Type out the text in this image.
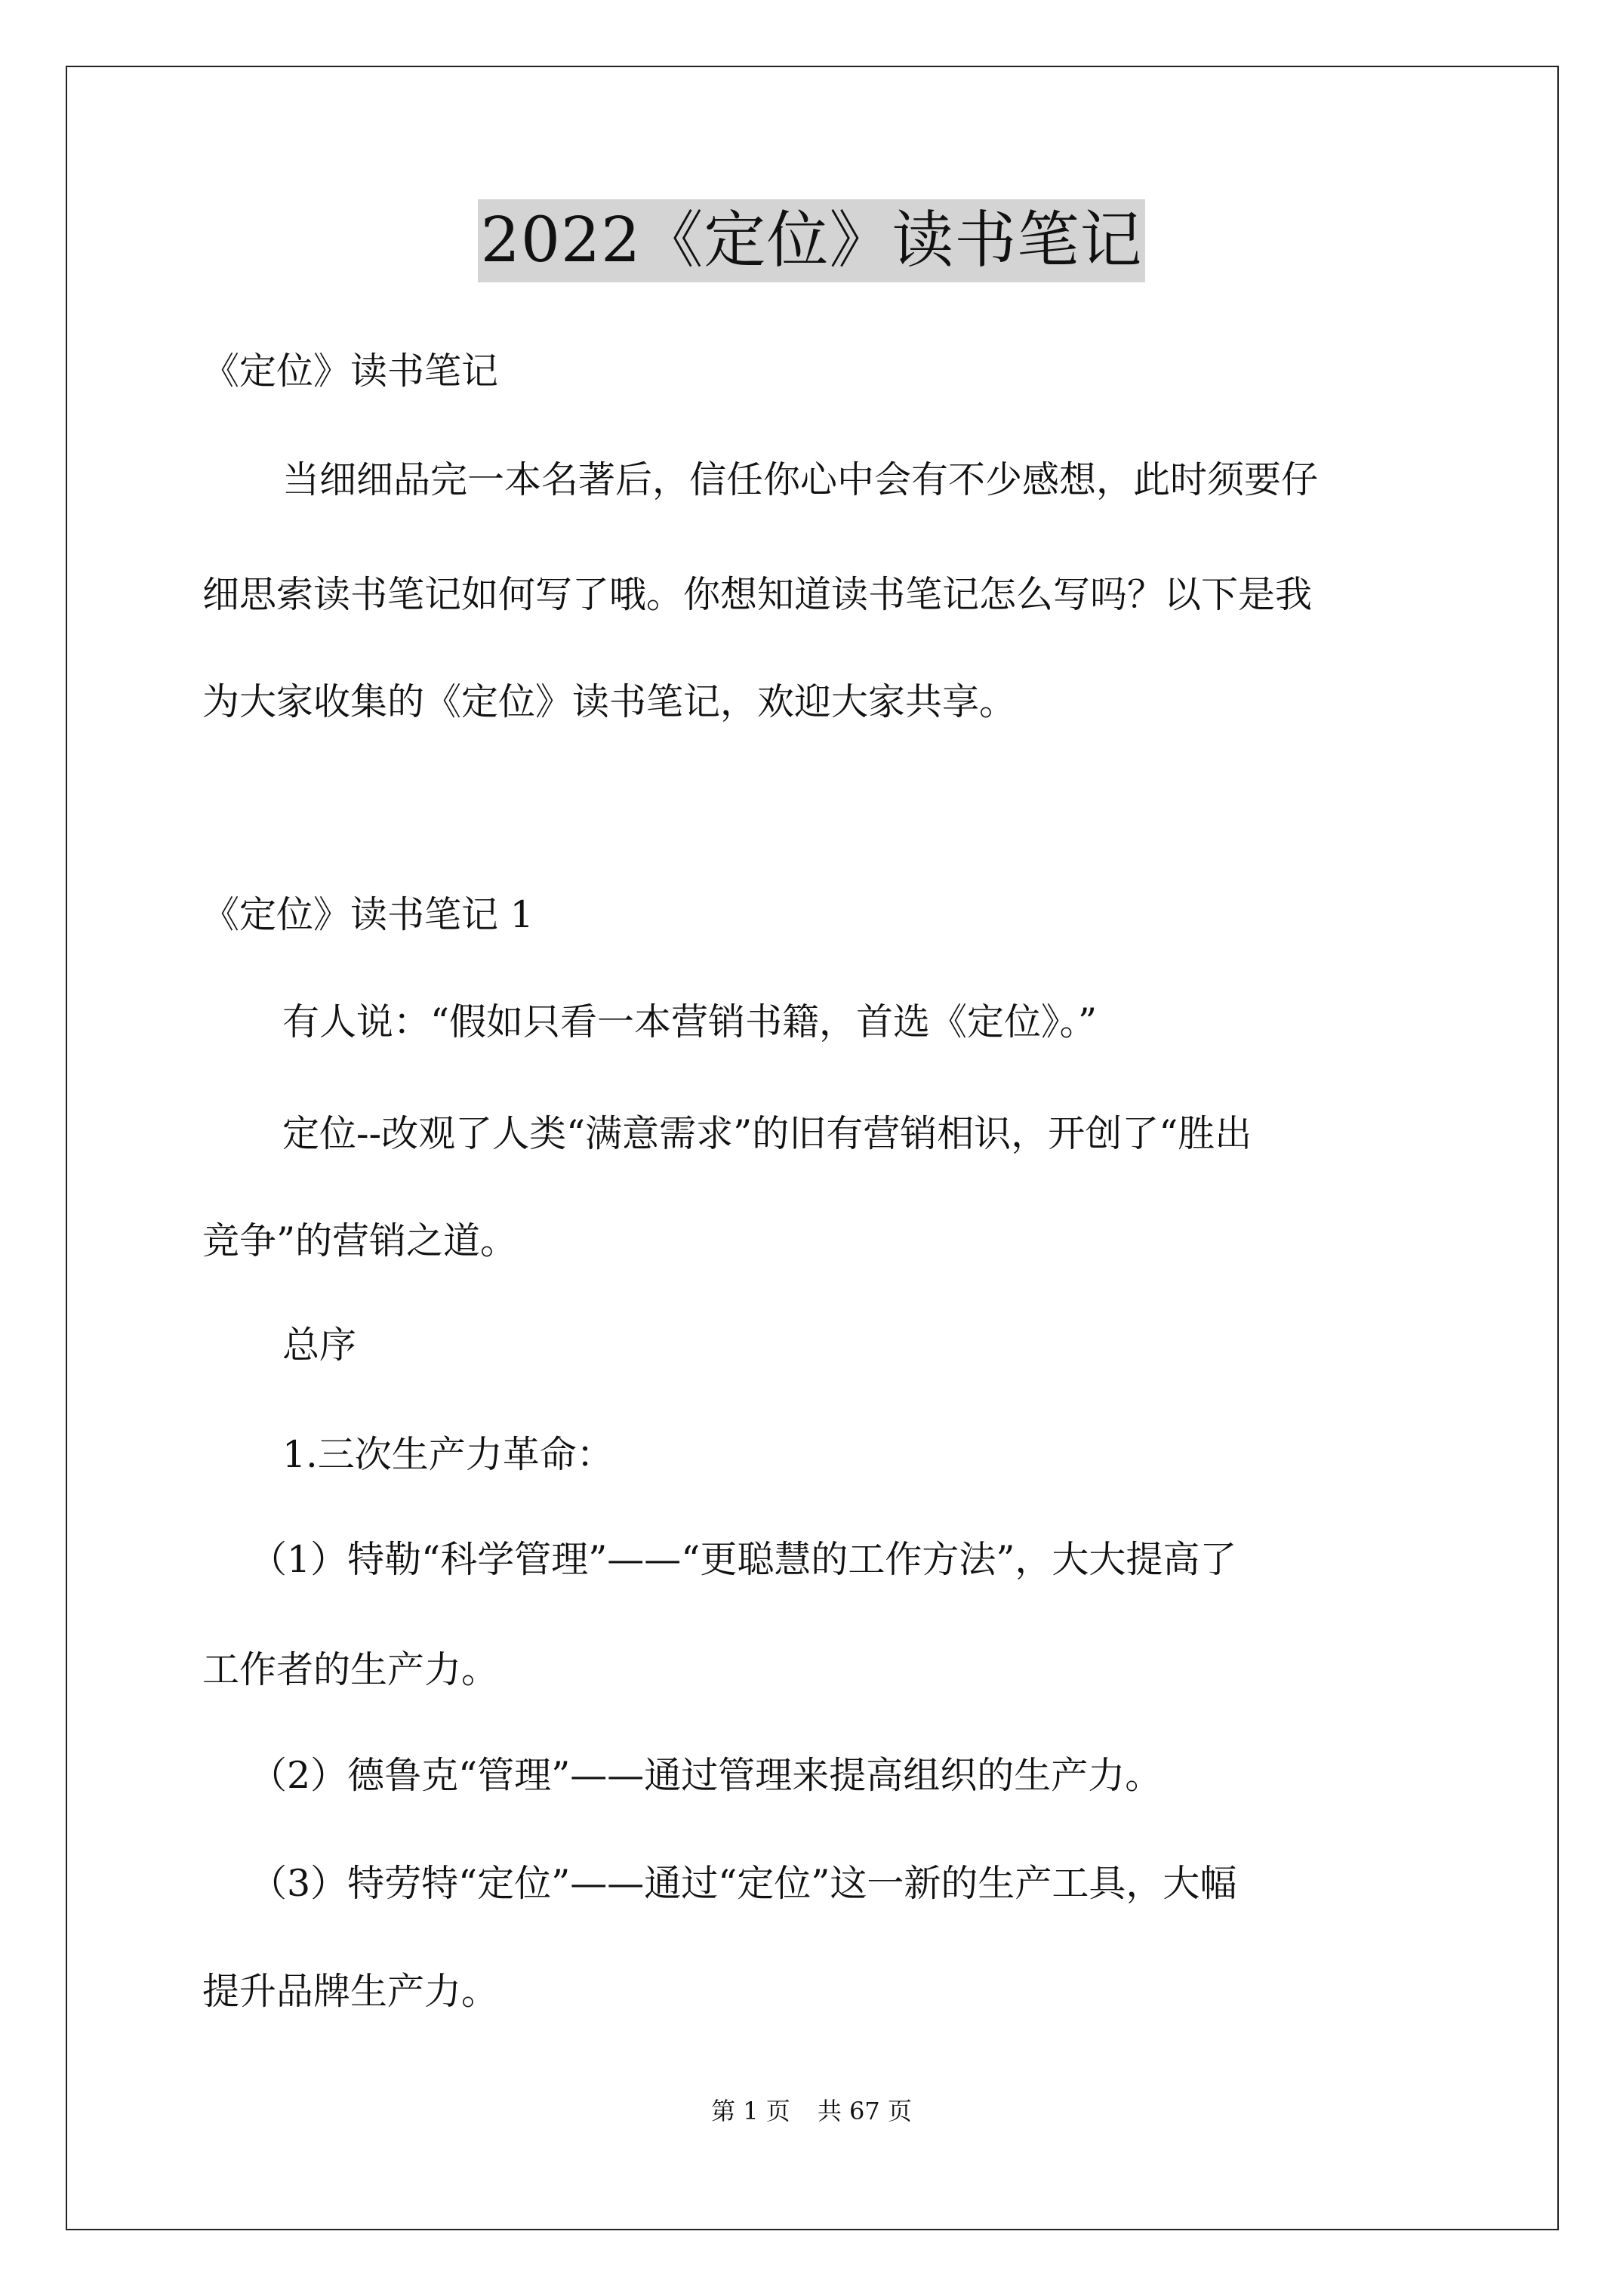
2022《定位》读书笔记
《定位》读书笔记
当细细品完一本名著后，信任你心中会有不少感想，此时须要仔
细思索读书笔记如何写了哦。你想知道读书笔记怎么写吗？以下是我
为大家收集的《定位》读书笔记，欢迎大家共享。
《定位》读书笔记 1
有人说：“假如只看一本营销书籍，首选《定位》。”
定位--改观了人类“满意需求”的旧有营销相识，开创了“胜出
竞争”的营销之道。
总序
1.三次生产力革命：
（1）特勒“科学管理”——“更聪慧的工作方法”，大大提高了
工作者的生产力。
（2）德鲁克“管理”——通过管理来提高组织的生产力。
（3）特劳特“定位”——通过“定位”这一新的生产工具，大幅
提升品牌生产力。
第 1 页 共 67 页
